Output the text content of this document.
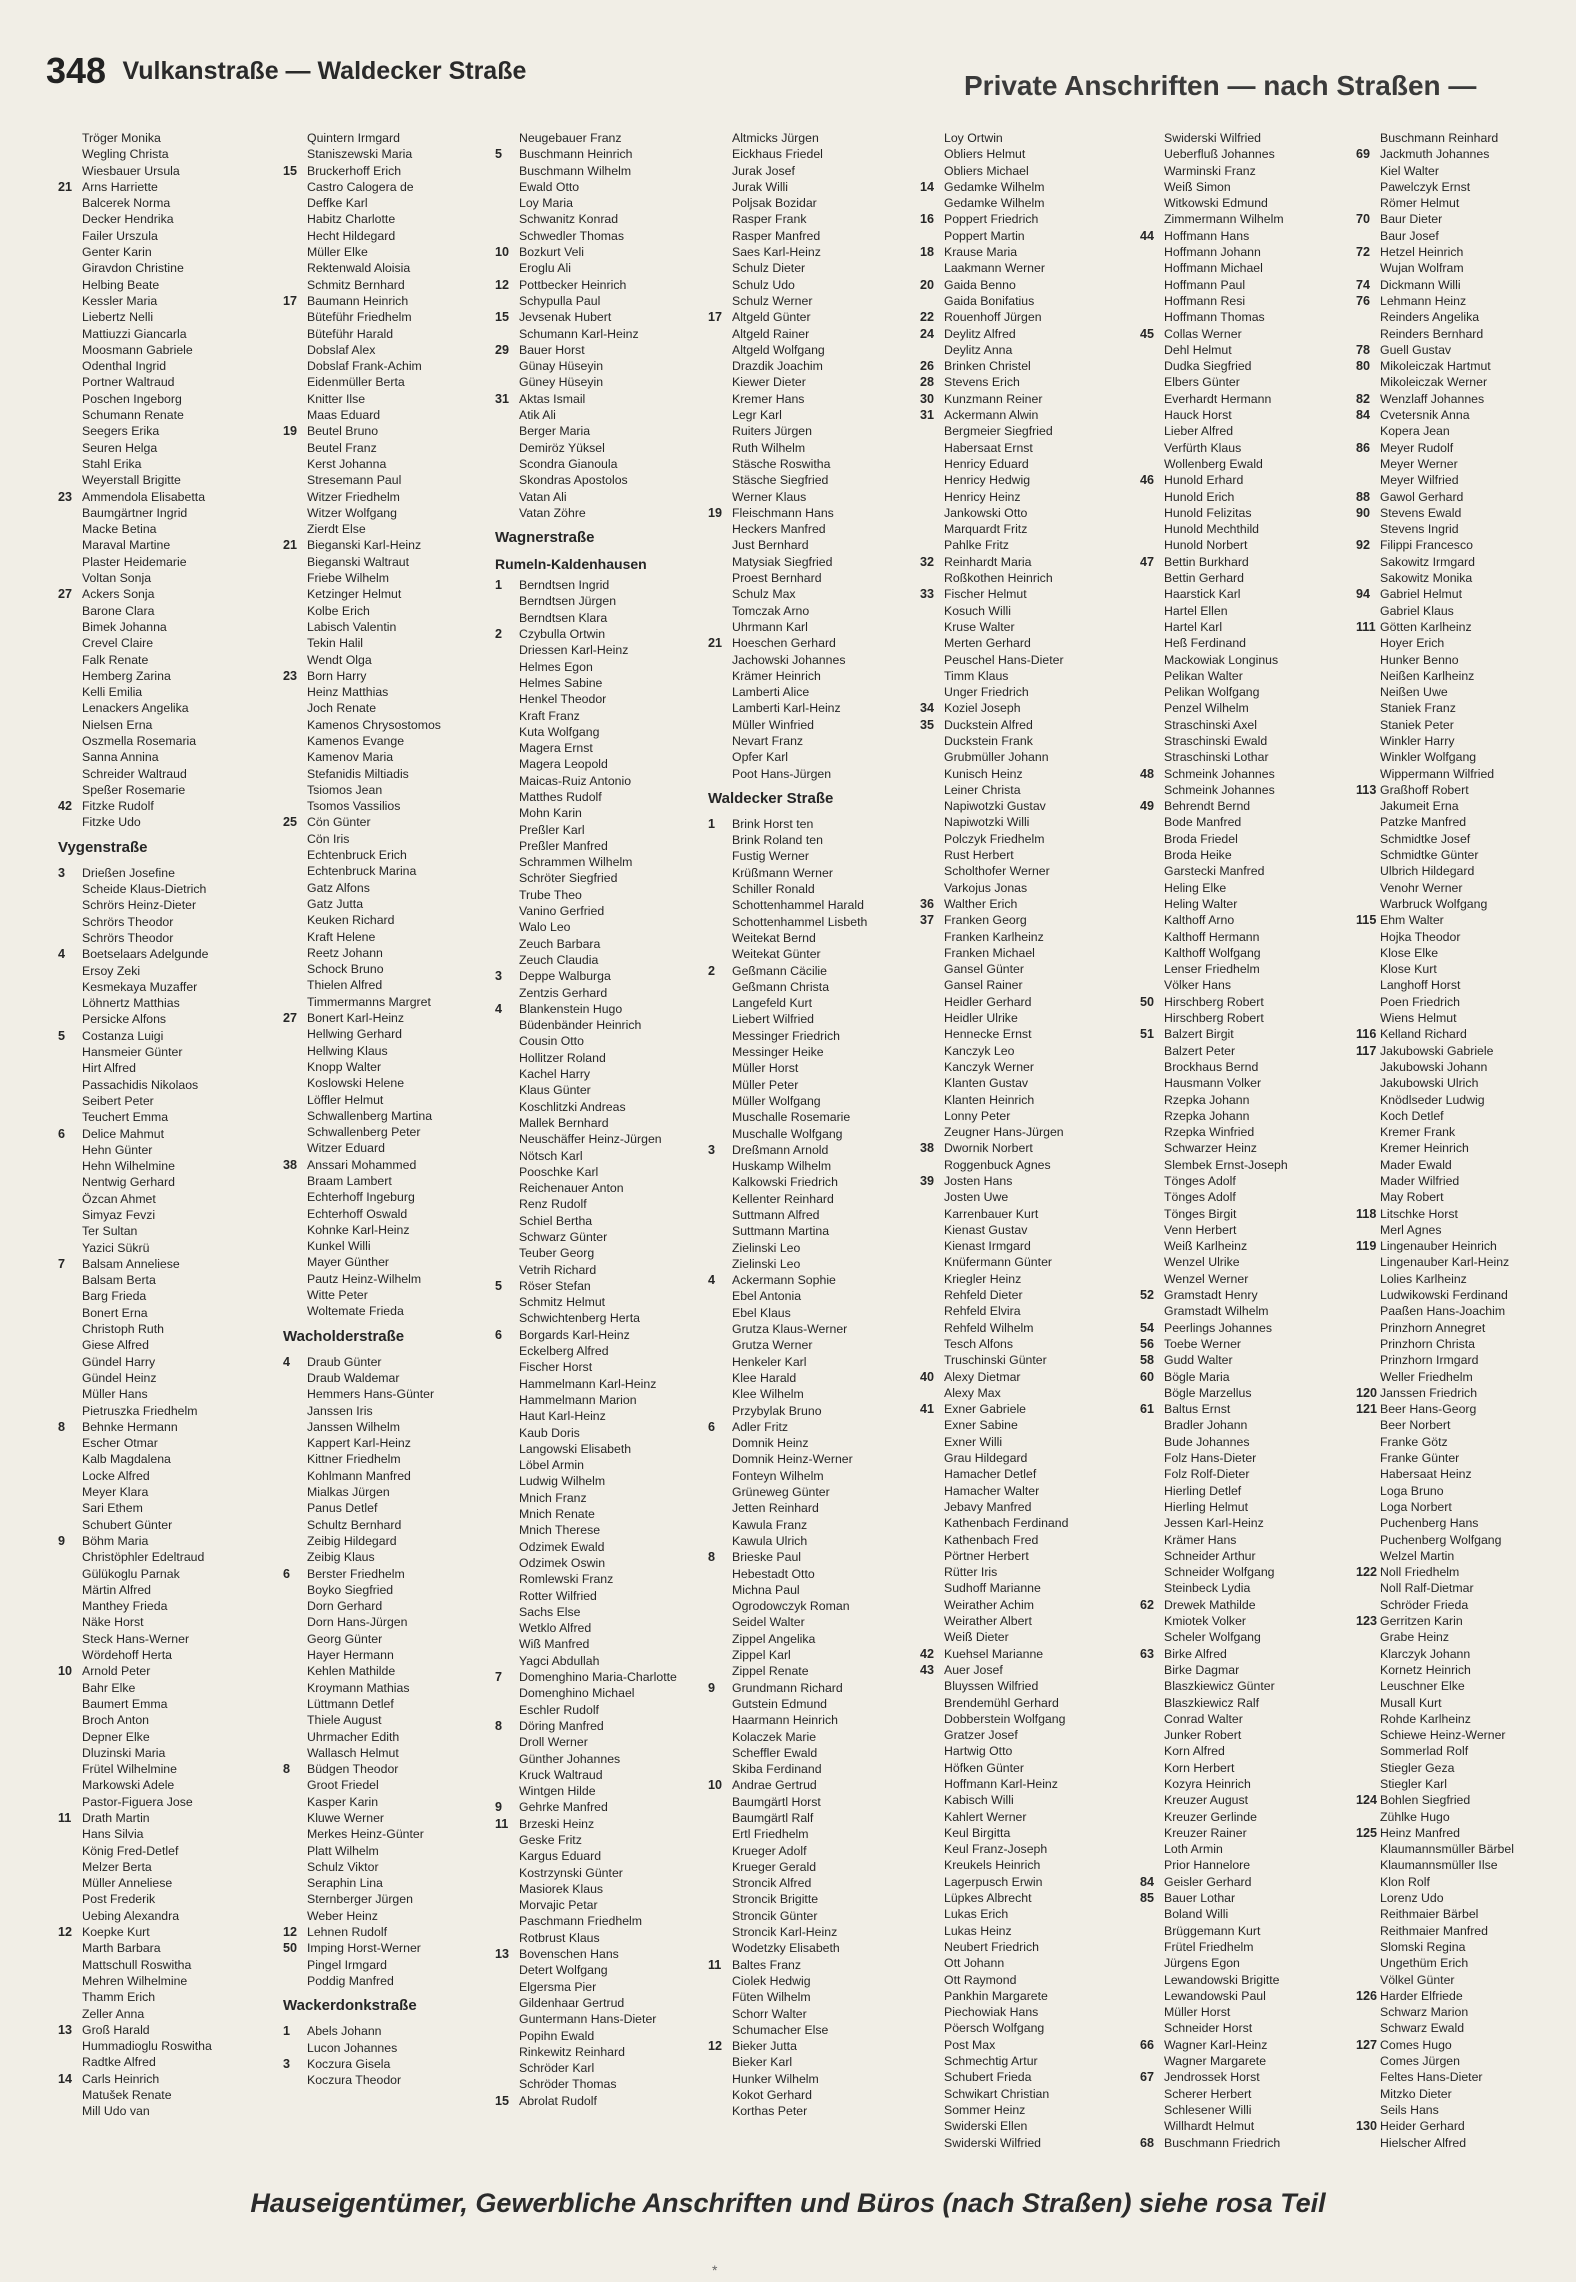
348 Vulkanstraße — Waldecker Straße	Private Anschriften — nach Straßen —
Tröger Monika
Wegling Christa
Wiesbauer Ursula
21 Arns Harriette
Balcerek Norma
Decker Hendrika
Failer Urszula
Genter Karin
Giravdon Christine
Helbing Beate
Kessler Maria
Liebertz Nelli
Mattiuzzi Giancarla
Moosmann Gabriele
Odenthal Ingrid
Portner Waltraud
Poschen Ingeborg
Schumann Renate
Seegers Erika
Seuren Helga
Stahl Erika
Weyerstall Brigitte
23 Ammendola Elisabetta
Baumgärtner Ingrid
Macke Betina
Maraval Martine
Plaster Heidemarie
Voltan Sonja
27 Ackers Sonja
Barone Clara
Bimek Johanna
Crevel Claire
Falk Renate
Hemberg Zarina
Kelli Emilia
Lenackers Angelika
Nielsen Erna
Oszmella Rosemaria
Sanna Annina
Schreider Waltraud
Speßer Rosemarie
42 Fitzke Rudolf
Fitzke Udo
Vygenstraße
3	Drießen Josefine
Scheide Klaus-Dietrich
Schrörs Heinz-Dieter
Schrörs Theodor
Schrörs Theodor
4	Boetselaars Adelgunde
Ersoy Zeki
Kesmekaya Muzaffer
Löhnertz Matthias
Persicke Alfons
5	Costanza Luigi
Hansmeier Günter
Hirt Alfred
Passachidis Nikolaos
Seibert Peter
Teuchert Emma
6	Delice Mahmut
Hehn Günter
Hehn Wilhelmine
Nentwig Gerhard
Özcan Ahmet
Simyaz Fevzi
Ter Sultan
Yazici Sükrü
7	Balsam Anneliese
Balsam Berta
Barg Frieda
Bonert Erna
Christoph Ruth
Giese Alfred
Gündel Harry
Gündel Heinz
Müller Hans
Pietruszka Friedhelm
8	Behnke Hermann
Escher Otmar
Kalb Magdalena
Locke Alfred
Meyer Klara
Sari Ethem
Schubert Günter
9	Böhm Maria
Christöphler Edeltraud
Gülükoglu Parnak
Märtin Alfred
Manthey Frieda
Näke Horst
Steck Hans-Werner
Wördehoff Herta
10 Arnold Peter
Bahr Elke
Baumert Emma
Broch Anton
Depner Elke
Dluzinski Maria
Frütel Wilhelmine
Markowski Adele
Pastor-Figuera Jose
11 Drath Martin
Hans Silvia
König Fred-Detlef
Melzer Berta
Müller Anneliese
Post Frederik
Uebing Alexandra
12 Koepke Kurt
Marth Barbara
Mattschull Roswitha
Mehren Wilhelmine
Thamm Erich
Zeller Anna
13 Groß Harald
Hummadioglu Roswitha
Radtke Alfred
14 Carls Heinrich
Matušek Renate
Mill Udo van
Quintern Irmgard
Staniszewski Maria
15 Bruckerhoff Erich
Castro Calogera de
Deffke Karl
Habitz Charlotte
Hecht Hildegard
Müller Elke
Rektenwald Aloisia
Schmitz Bernhard
17 Baumann Heinrich
Büteführ Friedhelm
Büteführ Harald
Dobslaf Alex
Dobslaf Frank-Achim
Eidenmüller Berta
Knitter Ilse
Maas Eduard
19 Beutel Bruno
Beutel Franz
Kerst Johanna
Stresemann Paul
Witzer Friedhelm
Witzer Wolfgang
Zierdt Else
21 Bieganski Karl-Heinz
Bieganski Waltraut
Friebe Wilhelm
Ketzinger Helmut
Kolbe Erich
Labisch Valentin
Tekin Halil
Wendt Olga
23 Born Harry
Heinz Matthias
Joch Renate
Kamenos Chrysostomos
Kamenos Evange
Kamenov Maria
Stefanidis Miltiadis
Tsiomos Jean
Tsomos Vassilios
25 Cön Günter
Cön Iris
Echtenbruck Erich
Echtenbruck Marina
Gatz Alfons
Gatz Jutta
Keuken Richard
Kraft Helene
Reetz Johann
Schock Bruno
Thielen Alfred
Timmermanns Margret
27 Bonert Karl-Heinz
Hellwing Gerhard
Hellwing Klaus
Knopp Walter
Koslowski Helene
Löffler Helmut
Schwallenberg Martina
Schwallenberg Peter
Witzer Eduard
38 Anssari Mohammed
Braam Lambert
Echterhoff Ingeburg
Echterhoff Oswald
Kohnke Karl-Heinz
Kunkel Willi
Mayer Günther
Pautz Heinz-Wilhelm
Witte Peter
Woltemate Frieda
Wacholderstraße
4	Draub Günter
Draub Waldemar
Hemmers Hans-Günter
Janssen Iris
Janssen Wilhelm
Kappert Karl-Heinz
Kittner Friedhelm
Kohlmann Manfred
Mialkas Jürgen
Panus Detlef
Schultz Bernhard
Zeibig Hildegard
Zeibig Klaus
6	Berster Friedhelm
Boyko Siegfried
Dorn Gerhard
Dorn Hans-Jürgen
Georg Günter
Hayer Hermann
Kehlen Mathilde
Kroymann Mathias
Lüttmann Detlef
Thiele August
Uhrmacher Edith
Wallasch Helmut
8	Büdgen Theodor
Groot Friedel
Kasper Karin
Kluwe Werner
Merkes Heinz-Günter
Platt Wilhelm
Schulz Viktor
Seraphin Lina
Sternberger Jürgen
Weber Heinz
12 Lehnen Rudolf
50 Imping Horst-Werner
Pingel Irmgard
Poddig Manfred
Wackerdonkstraße
1	Abels Johann
Lucon Johannes
3	Koczura Gisela
Koczura Theodor
Neugebauer Franz
5	Buschmann Heinrich
Buschmann Wilhelm
Ewald Otto
Loy Maria
Schwanitz Konrad
Schwedler Thomas
10 Bozkurt Veli
Eroglu Ali
12 Pottbecker Heinrich
Schypulla Paul
15 Jevsenak Hubert
Schumann Karl-Heinz
29 Bauer Horst
Günay Hüseyin
Güney Hüseyin
31 Aktas Ismail
Atik Ali
Berger Maria
Demiröz Yüksel
Scondra Gianoula
Skondras Apostolos
Vatan Ali
Vatan Zöhre
Wagnerstraße
Rumeln-Kaldenhausen
1	Berndtsen Ingrid
Berndtsen Jürgen
Berndtsen Klara
2	Czybulla Ortwin
Driessen Karl-Heinz
Helmes Egon
Helmes Sabine
Henkel Theodor
Kraft Franz
Kuta Wolfgang
Magera Ernst
Magera Leopold
Maicas-Ruiz Antonio
Matthes Rudolf
Mohn Karin
Preßler Karl
Preßler Manfred
Schrammen Wilhelm
Schröter Siegfried
Trube Theo
Vanino Gerfried
Walo Leo
Zeuch Barbara
Zeuch Claudia
3	Deppe Walburga
Zentzis Gerhard
4	Blankenstein Hugo
Büdenbänder Heinrich
Cousin Otto
Hollitzer Roland
Kachel Harry
Klaus Günter
Koschlitzki Andreas
Mallek Bernhard
Neuschäffer Heinz-Jürgen
Nötsch Karl
Pooschke Karl
Reichenauer Anton
Renz Rudolf
Schiel Bertha
Schwarz Günter
Teuber Georg
Vetrih Richard
5	Röser Stefan
Schmitz Helmut
Schwichtenberg Herta
6	Borgards Karl-Heinz
Eckelberg Alfred
Fischer Horst
Hammelmann Karl-Heinz
Hammelmann Marion
Haut Karl-Heinz
Kaub Doris
Langowski Elisabeth
Löbel Armin
Ludwig Wilhelm
Mnich Franz
Mnich Renate
Mnich Therese
Odzimek Ewald
Odzimek Oswin
Romlewski Franz
Rotter Wilfried
Sachs Else
Wetklo Alfred
Wiß Manfred
Yagci Abdullah
7	Domenghino Maria-Charlotte
Domenghino Michael
Eschler Rudolf
8	Döring Manfred
Droll Werner
Günther Johannes
Kruck Waltraud
Wintgen Hilde
9	Gehrke Manfred
11 Brzeski Heinz
Geske Fritz
Kargus Eduard
Kostrzynski Günter
Masiorek Klaus
Morvajic Petar
Paschmann Friedhelm
Rotbrust Klaus
13 Bovenschen Hans
Detert Wolfgang
Elgersma Pier
Gildenhaar Gertrud
Guntermann Hans-Dieter
Popihn Ewald
Rinkewitz Reinhard
Schröder Karl
Schröder Thomas
15 Abrolat Rudolf
Altmicks Jürgen
Eickhaus Friedel
Jurak Josef
Jurak Willi
Poljsak Bozidar
Rasper Frank
Rasper Manfred
Saes Karl-Heinz
Schulz Dieter
Schulz Udo
Schulz Werner
17 Altgeld Günter
Altgeld Rainer
Altgeld Wolfgang
Drazdik Joachim
Kiewer Dieter
Kremer Hans
Legr Karl
Ruiters Jürgen
Ruth Wilhelm
Stäsche Roswitha
Stäsche Siegfried
Werner Klaus
19 Fleischmann Hans
Heckers Manfred
Just Bernhard
Matysiak Siegfried
Proest Bernhard
Schulz Max
Tomczak Arno
Uhrmann Karl
21 Hoeschen Gerhard
Jachowski Johannes
Krämer Heinrich
Lamberti Alice
Lamberti Karl-Heinz
Müller Winfried
Nevart Franz
Opfer Karl
Poot Hans-Jürgen
Waldecker Straße
1	Brink Horst ten
Brink Roland ten
Fustig Werner
Krüßmann Werner
Schiller Ronald
Schottenhammel Harald
Schottenhammel Lisbeth
Weitekat Bernd
Weitekat Günter
2	Geßmann Cäcilie
Geßmann Christa
Langefeld Kurt
Liebert Wilfried
Messinger Friedrich
Messinger Heike
Müller Horst
Müller Peter
Müller Wolfgang
Muschalle Rosemarie
Muschalle Wolfgang
3	Dreßmann Arnold
Huskamp Wilhelm
Kalkowski Friedrich
Kellenter Reinhard
Suttmann Alfred
Suttmann Martina
Zielinski Leo
Zielinski Leo
4	Ackermann Sophie
Ebel Antonia
Ebel Klaus
Grutza Klaus-Werner
Grutza Werner
Henkeler Karl
Klee Harald
Klee Wilhelm
Przybylak Bruno
6	Adler Fritz
Domnik Heinz
Domnik Heinz-Werner
Fonteyn Wilhelm
Grüneweg Günter
Jetten Reinhard
Kawula Franz
Kawula Ulrich
8	Brieske Paul
Hebestadt Otto
Michna Paul
Ogrodowczyk Roman
Seidel Walter
Zippel Angelika
Zippel Karl
Zippel Renate
9	Grundmann Richard
Gutstein Edmund
Haarmann Heinrich
Kolaczek Marie
Scheffler Ewald
Skiba Ferdinand
10 Andrae Gertrud
Baumgärtl Horst
Baumgärtl Ralf
Ertl Friedhelm
Krueger Adolf
Krueger Gerald
Stroncik Alfred
Stroncik Brigitte
Stroncik Günter
Stroncik Karl-Heinz
Wodetzky Elisabeth
11 Baltes Franz
Ciolek Hedwig
Füten Wilhelm
Schorr Walter
Schumacher Else
12 Bieker Jutta
Bieker Karl
Hunker Wilhelm
Kokot Gerhard
Korthas Peter
Loy Ortwin
Obliers Helmut
Obliers Michael
14 Gedamke Wilhelm
Gedamke Wilhelm
16 Poppert Friedrich
Poppert Martin
18 Krause Maria
Laakmann Werner
20 Gaida Benno
Gaida Bonifatius
22 Rouenhoff Jürgen
24 Deylitz Alfred
Deylitz Anna
26 Brinken Christel
28 Stevens Erich
30 Kunzmann Reiner
31 Ackermann Alwin
Bergmeier Siegfried
Habersaat Ernst
Henricy Eduard
Henricy Hedwig
Henricy Heinz
Jankowski Otto
Marquardt Fritz
Pahlke Fritz
32 Reinhardt Maria
Roßkothen Heinrich
33 Fischer Helmut
Kosuch Willi
Kruse Walter
Merten Gerhard
Peuschel Hans-Dieter
Timm Klaus
Unger Friedrich
34 Koziel Joseph
35 Duckstein Alfred
Duckstein Frank
Grubmüller Johann
Kunisch Heinz
Leiner Christa
Napiwotzki Gustav
Napiwotzki Willi
Polczyk Friedhelm
Rust Herbert
Scholthofer Werner
Varkojus Jonas
36 Walther Erich
37 Franken Georg
Franken Karlheinz
Franken Michael
Gansel Günter
Gansel Rainer
Heidler Gerhard
Heidler Ulrike
Hennecke Ernst
Kanczyk Leo
Kanczyk Werner
Klanten Gustav
Klanten Heinrich
Lonny Peter
Zeugner Hans-Jürgen
38 Dwornik Norbert
Roggenbuck Agnes
39 Josten Hans
Josten Uwe
Karrenbauer Kurt
Kienast Gustav
Kienast Irmgard
Knüfermann Günter
Kriegler Heinz
Rehfeld Dieter
Rehfeld Elvira
Rehfeld Wilhelm
Tesch Alfons
Truschinski Günter
40 Alexy Dietmar
Alexy Max
41 Exner Gabriele
Exner Sabine
Exner Willi
Grau Hildegard
Hamacher Detlef
Hamacher Walter
Jebavy Manfred
Kathenbach Ferdinand
Kathenbach Fred
Pörtner Herbert
Rütter Iris
Sudhoff Marianne
Weirather Achim
Weirather Albert
Weiß Dieter
42 Kuehsel Marianne
43 Auer Josef
Bluyssen Wilfried
Brendemühl Gerhard
Dobberstein Wolfgang
Gratzer Josef
Hartwig Otto
Höfken Günter
Hoffmann Karl-Heinz
Kabisch Willi
Kahlert Werner
Keul Birgitta
Keul Franz-Joseph
Kreukels Heinrich
Lagerpusch Erwin
Lüpkes Albrecht
Lukas Erich
Lukas Heinz
Neubert Friedrich
Ott Johann
Ott Raymond
Pankhin Margarete
Piechowiak Hans
Pöersch Wolfgang
Post Max
Schmechtig Artur
Schubert Frieda
Schwikart Christian
Sommer Heinz
Swiderski Ellen
Swiderski Wilfried
Swiderski Wilfried
Ueberfluß Johannes
Warminski Franz
Weiß Simon
Witkowski Edmund
Zimmermann Wilhelm
44 Hoffmann Hans
Hoffmann Johann
Hoffmann Michael
Hoffmann Paul
Hoffmann Resi
Hoffmann Thomas
45 Collas Werner
Dehl Helmut
Dudka Siegfried
Elbers Günter
Everhardt Hermann
Hauck Horst
Lieber Alfred
Verfürth Klaus
Wollenberg Ewald
46 Hunold Erhard
Hunold Erich
Hunold Felizitas
Hunold Mechthild
Hunold Norbert
47 Bettin Burkhard
Bettin Gerhard
Haarstick Karl
Hartel Ellen
Hartel Karl
Heß Ferdinand
Mackowiak Longinus
Pelikan Walter
Pelikan Wolfgang
Penzel Wilhelm
Straschinski Axel
Straschinski Ewald
Straschinski Lothar
48 Schmeink Johannes
Schmeink Johannes
49 Behrendt Bernd
Bode Manfred
Broda Friedel
Broda Heike
Garstecki Manfred
Heling Elke
Heling Walter
Kalthoff Arno
Kalthoff Hermann
Kalthoff Wolfgang
Lenser Friedhelm
Völker Hans
50 Hirschberg Robert
Hirschberg Robert
51 Balzert Birgit
Balzert Peter
Brockhaus Bernd
Hausmann Volker
Rzepka Johann
Rzepka Johann
Rzepka Winfried
Schwarzer Heinz
Slembek Ernst-Joseph
Tönges Adolf
Tönges Adolf
Tönges Birgit
Venn Herbert
Weiß Karlheinz
Wenzel Ulrike
Wenzel Werner
52 Gramstadt Henry
Gramstadt Wilhelm
54 Peerlings Johannes
56 Toebe Werner
58 Gudd Walter
60 Bögle Maria
Bögle Marzellus
61 Baltus Ernst
Bradler Johann
Bude Johannes
Folz Hans-Dieter
Folz Rolf-Dieter
Hierling Detlef
Hierling Helmut
Jessen Karl-Heinz
Krämer Hans
Schneider Arthur
Schneider Wolfgang
Steinbeck Lydia
62 Drewek Mathilde
Kmiotek Volker
Scheler Wolfgang
63 Birke Alfred
Birke Dagmar
Blaszkiewicz Günter
Blaszkiewicz Ralf
Conrad Walter
Junker Robert
Korn Alfred
Korn Herbert
Kozyra Heinrich
Kreuzer August
Kreuzer Gerlinde
Kreuzer Rainer
Loth Armin
Prior Hannelore
84 Geisler Gerhard
85 Bauer Lothar
Boland Willi
Brüggemann Kurt
Frütel Friedhelm
Jürgens Egon
Lewandowski Brigitte
Lewandowski Paul
Müller Horst
Schneider Horst
66 Wagner Karl-Heinz
Wagner Margarete
67 Jendrossek Horst
Scherer Herbert
Schlesener Willi
Willhardt Helmut
68 Buschmann Friedrich
Buschmann Reinhard
69 Jackmuth Johannes
Kiel Walter
Pawelczyk Ernst
Römer Helmut
70 Baur Dieter
Baur Josef
72 Hetzel Heinrich
Wujan Wolfram
74 Dickmann Willi
76 Lehmann Heinz
Reinders Angelika
Reinders Bernhard
78 Guell Gustav
80 Mikoleiczak Hartmut
Mikoleiczak Werner
82 Wenzlaff Johannes
84 Cvetersnik Anna
Kopera Jean
86 Meyer Rudolf
Meyer Werner
Meyer Wilfried
88 Gawol Gerhard
90 Stevens Ewald
Stevens Ingrid
92 Filippi Francesco
Sakowitz Irmgard
Sakowitz Monika
94 Gabriel Helmut
Gabriel Klaus
111 Götten Karlheinz
Hoyer Erich
Hunker Benno
Neißen Karlheinz
Neißen Uwe
Staniek Franz
Staniek Peter
Winkler Harry
Winkler Wolfgang
Wippermann Wilfried
113 Graßhoff Robert
Jakumeit Erna
Patzke Manfred
Schmidtke Josef
Schmidtke Günter
Ulbrich Hildegard
Venohr Werner
Warbruck Wolfgang
115 Ehm Walter
Hojka Theodor
Klose Elke
Klose Kurt
Langhoff Horst
Poen Friedrich
Wiens Helmut
116 Kelland Richard
117 Jakubowski Gabriele
Jakubowski Johann
Jakubowski Ulrich
Knödlseder Ludwig
Koch Detlef
Kremer Frank
Kremer Heinrich
Mader Ewald
Mader Wilfried
May Robert
118 Litschke Horst
Merl Agnes
119 Lingenauber Heinrich
Lingenauber Karl-Heinz
Lolies Karlheinz
Ludwikowski Ferdinand
Paaßen Hans-Joachim
Prinzhorn Annegret
Prinzhorn Christa
Prinzhorn Irmgard
Weller Friedhelm
120 Janssen Friedrich
121 Beer Hans-Georg
Beer Norbert
Franke Götz
Franke Günter
Habersaat Heinz
Loga Bruno
Loga Norbert
Puchenberg Hans
Puchenberg Wolfgang
Welzel Martin
122 Noll Friedhelm
Noll Ralf-Dietmar
Schröder Frieda
123 Gerritzen Karin
Grabe Heinz
Klarczyk Johann
Kornetz Heinrich
Leuschner Elke
Musall Kurt
Rohde Karlheinz
Schiewe Heinz-Werner
Sommerlad Rolf
Stiegler Geza
Stiegler Karl
124 Bohlen Siegfried
Zühlke Hugo
125 Heinz Manfred
Klaumannsmüller Bärbel
Klaumannsmüller Ilse
Klon Rolf
Lorenz Udo
Reithmaier Bärbel
Reithmaier Manfred
Slomski Regina
Ungethüm Erich
Völkel Günter
126 Harder Elfriede
Schwarz Marion
Schwarz Ewald
127 Comes Hugo
Comes Jürgen
Feltes Hans-Dieter
Mitzko Dieter
Seils Hans
130 Heider Gerhard
Hielscher Alfred
Hauseigentümer, Gewerbliche Anschriften und Büros (nach Straßen) siehe rosa Teil
*
